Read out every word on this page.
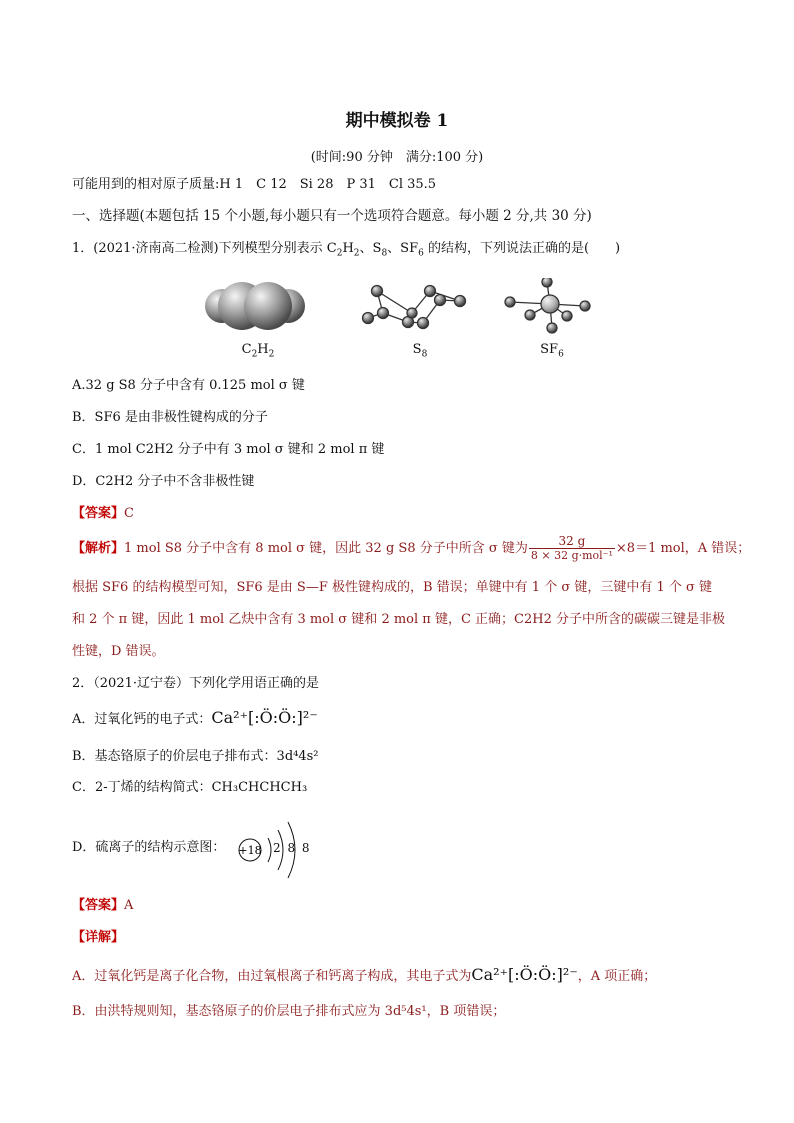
期中模拟卷 1
(时间:90 分钟　满分:100 分)
可能用到的相对原子质量:H 1　C 12　Si 28　P 31　Cl 35.5
一、选择题(本题包括 15 个小题,每小题只有一个选项符合题意。每小题 2 分,共 30 分)
1．(2021·济南高二检测)下列模型分别表示 $C_2H_2$、$S_8$、$SF_6$ 的结构，下列说法正确的是(　　)
$C_2H_2$	$S_8$	$SF_6$
A.32 g S8 分子中含有 0.125 mol σ 键
B．SF6 是由非极性键构成的分子
C．1 mol C2H2 分子中有 3 mol σ 键和 2 mol π 键
D．C2H2 分子中不含非极性键
【答案】C
【解析】1 mol S8 分子中含有 8 mol σ 键，因此 32 g S8 分子中所含 σ 键为 $\frac{32 g}{\text{8 × 32 g·mol⁻¹}} \times 8=1$ mol，A 错误；
根据 SF6 的结构模型可知，SF6 是由 S—F 极性键构成的，B 错误；单键中有 1 个 σ 键，三键中有 1 个 σ 键
和 2 个 π 键，因此 1 mol 乙炔中含有 3 mol σ 键和 2 mol π 键，C 正确；C2H2 分子中所含的碳碳三键是非极
性键，D 错误。
2．（2021·辽宁卷）下列化学用语正确的是
A．过氧化钙的电子式：Ca²⁺[:Ö:Ö:]²⁻
B．基态铬原子的价层电子排布式：3d⁴4s²
C．2-丁烯的结构简式：CH₃CHCHCH₃
D．硫离子的结构示意图： +18 2 8 8
【答案】A
【详解】
A．过氧化钙是离子化合物，由过氧根离子和钙离子构成，其电子式为Ca²⁺[:Ö:Ö:]²⁻，A 项正确；
B．由洪特规则知，基态铬原子的价层电子排布式应为 3d⁵4s¹，B 项错误；
